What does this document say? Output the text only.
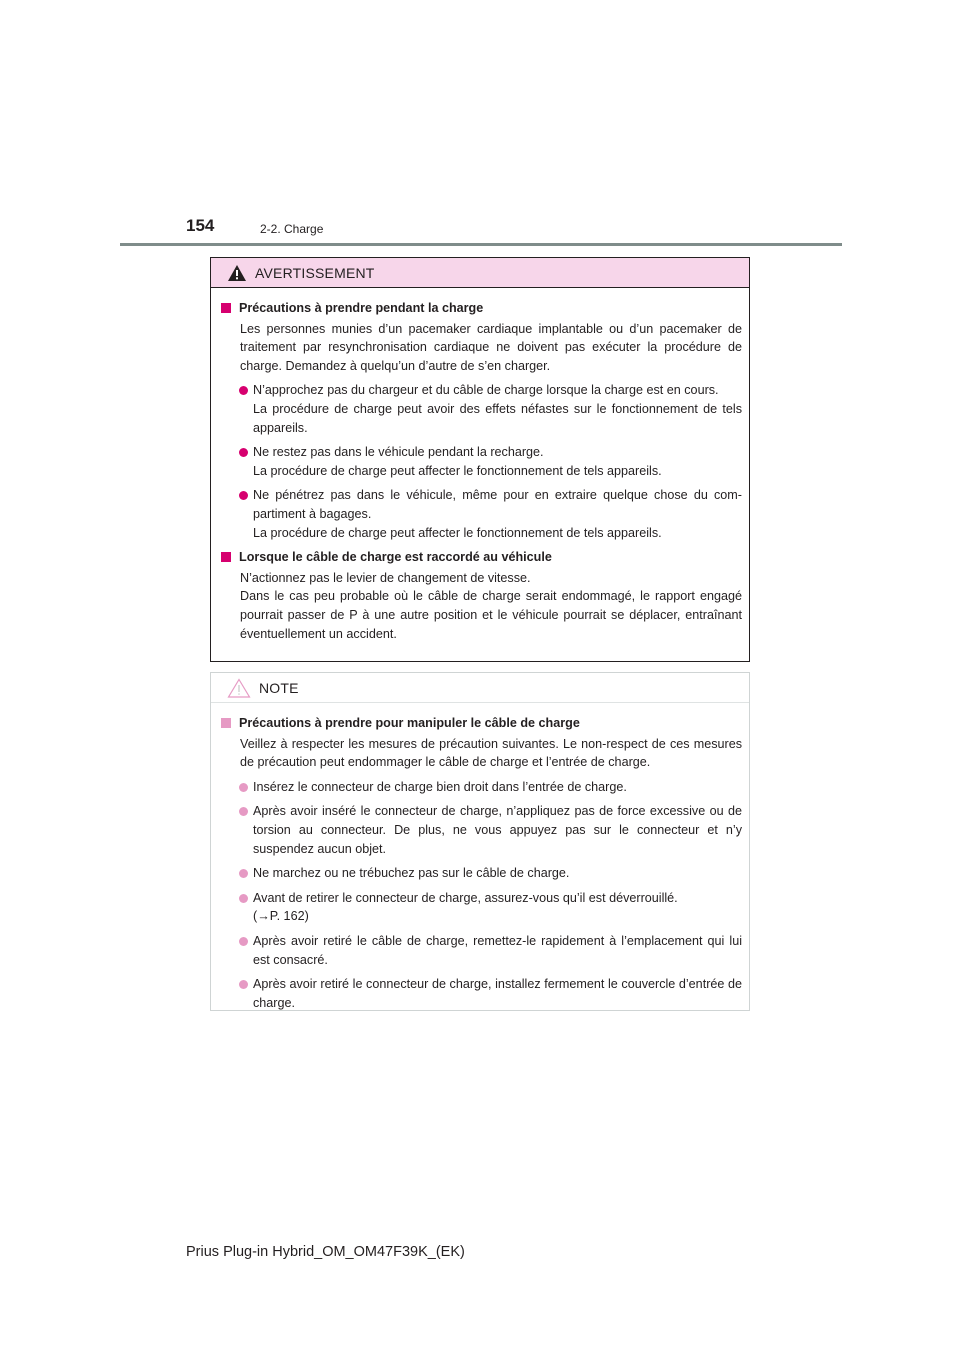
154	2-2. Charge
AVERTISSEMENT
Précautions à prendre pendant la charge
Les personnes munies d’un pacemaker cardiaque implantable ou d’un pacemaker de traitement par resynchronisation cardiaque ne doivent pas exécuter la procédure de charge. Demandez à quelqu’un d’autre de s’en charger.
N’approchez pas du chargeur et du câble de charge lorsque la charge est en cours.
La procédure de charge peut avoir des effets néfastes sur le fonctionnement de tels appareils.
Ne restez pas dans le véhicule pendant la recharge.
La procédure de charge peut affecter le fonctionnement de tels appareils.
Ne pénétrez pas dans le véhicule, même pour en extraire quelque chose du com-partiment à bagages.
La procédure de charge peut affecter le fonctionnement de tels appareils.
Lorsque le câble de charge est raccordé au véhicule
N’actionnez pas le levier de changement de vitesse.
Dans le cas peu probable où le câble de charge serait endommagé, le rapport engagé pourrait passer de P à une autre position et le véhicule pourrait se déplacer, entraînant éventuellement un accident.
NOTE
Précautions à prendre pour manipuler le câble de charge
Veillez à respecter les mesures de précaution suivantes. Le non-respect de ces mesures de précaution peut endommager le câble de charge et l’entrée de charge.
Insérez le connecteur de charge bien droit dans l’entrée de charge.
Après avoir inséré le connecteur de charge, n’appliquez pas de force excessive ou de torsion au connecteur. De plus, ne vous appuyez pas sur le connecteur et n’y suspendez aucun objet.
Ne marchez ou ne trébuchez pas sur le câble de charge.
Avant de retirer le connecteur de charge, assurez-vous qu’il est déverrouillé.
(→P. 162)
Après avoir retiré le câble de charge, remettez-le rapidement à l’emplacement qui lui est consacré.
Après avoir retiré le connecteur de charge, installez fermement le couvercle d’entrée de charge.
Prius Plug-in Hybrid_OM_OM47F39K_(EK)
